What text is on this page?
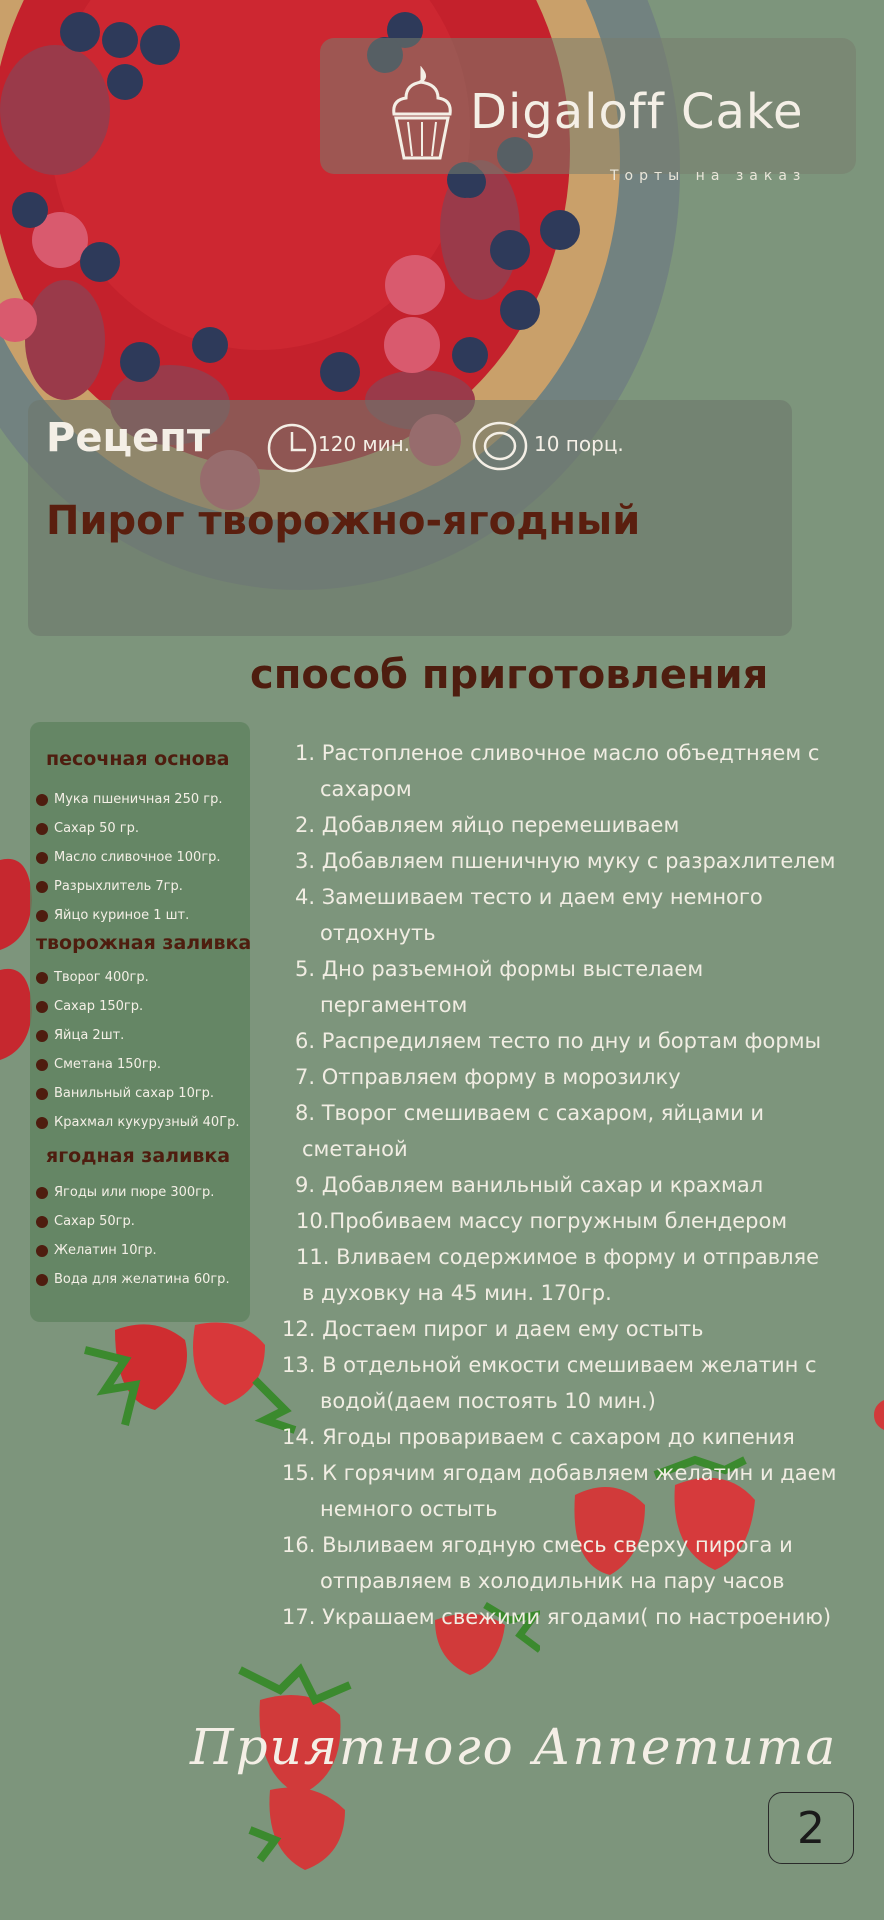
Digaloff Cake
Торты на заказ
Рецепт	120 мин.	10 порц.
Пирог творожно-ягодный
способ приготовления
песочная основа
Мука пшеничная 250 гр.
Сахар 50 гр.
Масло сливочное 100гр.
Разрыхлитель 7гр.
Яйцо куриное 1 шт.
творожная заливка
Творог 400гр.
Сахар 150гр.
Яйца 2шт.
Сметана 150гр.
Ванильный сахар 10гр.
Крахмал кукурузный 40Гр.
ягодная заливка
Ягоды или пюре 300гр.
Сахар 50гр.
Желатин 10гр.
Вода для желатина 60гр.
1. Растопленое сливочное масло объедтняем с
сахаром
2. Добавляем яйцо перемешиваем
3. Добавляем пшеничную муку с разрахлителем
4. Замешиваем тесто и даем ему немного
отдохнуть
5. Дно разъемной формы выстелаем
пергаментом
6. Распредиляем тесто по дну и бортам формы
7. Отправляем форму в морозилку
8. Творог смешиваем с сахаром, яйцами и
сметаной
9. Добавляем ванильный сахар и крахмал
10.Пробиваем массу погружным блендером
11. Вливаем содержимое в форму и отправляе
в духовку на 45 мин. 170гр.
12. Достаем пирог и даем ему остыть
13. В отдельной емкости смешиваем желатин с
водой(даем постоять 10 мин.)
14. Ягоды провариваем с сахаром до кипения
15. К горячим ягодам добавляем желатин и даем
немного остыть
16. Выливаем ягодную смесь сверху пирога и
отправляем в холодильник на пару часов
17. Украшаем свежими ягодами( по настроению)
Приятного Аппетита
2
